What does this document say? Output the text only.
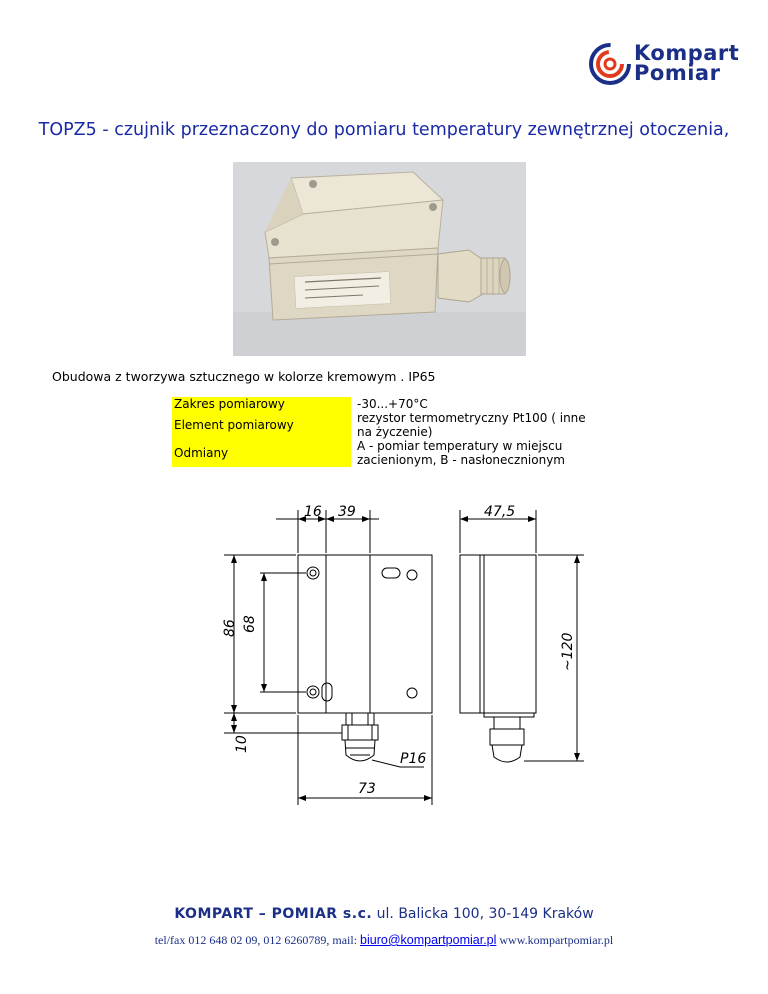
Kompart
Pomiar
TOPZ5 - czujnik przeznaczony do pomiaru temperatury zewnętrznej otoczenia,
Obudowa z tworzywa sztucznego w kolorze kremowym . IP65
Zakres pomiarowy	-30...+70°C
Element pomiarowy	rezystor termometryczny Pt100 ( inne na życzenie)
Odmiany	A - pomiar temperatury w miejscu zacienionym, B - nasłonecznionym
16 39	47,5
86 68
10
~120
P16
73
KOMPART – POMIAR s.c. ul. Balicka 100, 30-149 Kraków
tel/fax 012 648 02 09, 012 6260789, mail: biuro@kompartpomiar.pl www.kompartpomiar.pl
